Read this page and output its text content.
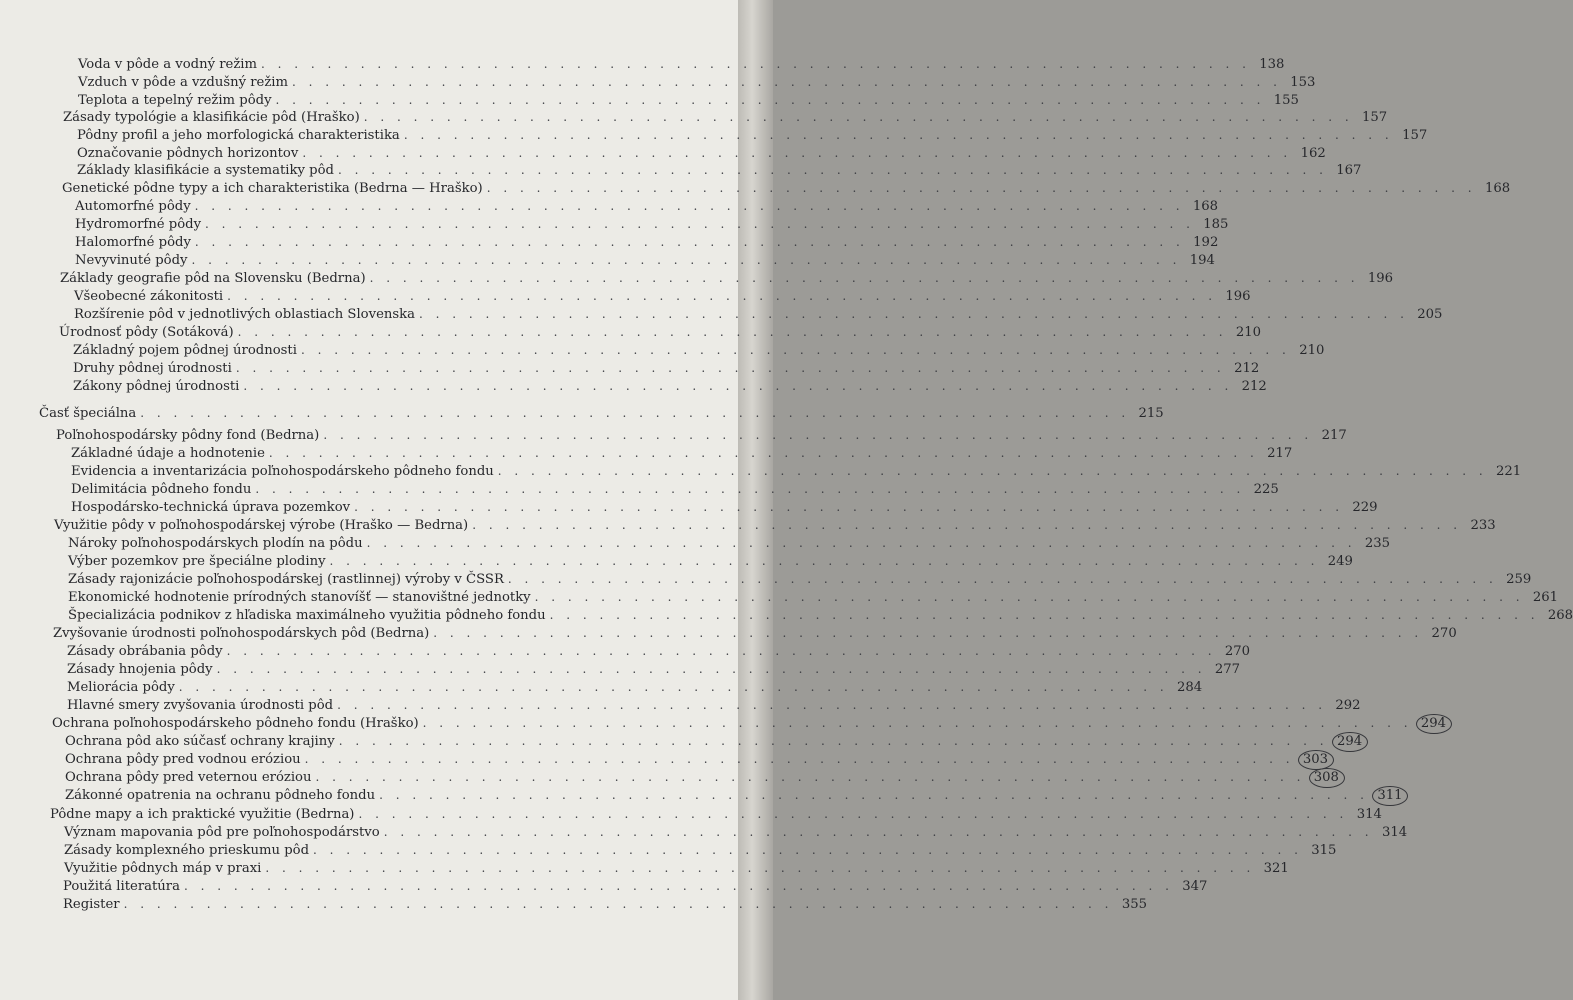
Voda v pôde a vodný režim . . . . . . . . . . . . . . . . . . . . . . . . . . . . . . . . . . . . . . . . . . . . . . . . . . . . . . . . . . . . 138
Vzduch v pôde a vzdušný režim . . . . . . . . . . . . . . . . . . . . . . . . . . . . . . . . . . . . . . . . . . . . . . . . . . . . . . . . . . . . 153
Teplota a tepelný režim pôdy . . . . . . . . . . . . . . . . . . . . . . . . . . . . . . . . . . . . . . . . . . . . . . . . . . . . . . . . . . . . 155
Zásady typológie a klasifikácie pôd (Hraško) . . . . . . . . . . . . . . . . . . . . . . . . . . . . . . . . . . . . . . . . . . . . . . . . . . . . . . . . . . . . 157
Pôdny profil a jeho morfologická charakteristika . . . . . . . . . . . . . . . . . . . . . . . . . . . . . . . . . . . . . . . . . . . . . . . . . . . . . . . . . . . . 157
Označovanie pôdnych horizontov . . . . . . . . . . . . . . . . . . . . . . . . . . . . . . . . . . . . . . . . . . . . . . . . . . . . . . . . . . . . 162
Základy klasifikácie a systematiky pôd . . . . . . . . . . . . . . . . . . . . . . . . . . . . . . . . . . . . . . . . . . . . . . . . . . . . . . . . . . . . 167
Genetické pôdne typy a ich charakteristika (Bedrna — Hraško) . . . . . . . . . . . . . . . . . . . . . . . . . . . . . . . . . . . . . . . . . . . . . . . . . . . . . . . . . . . . 168
Automorfné pôdy . . . . . . . . . . . . . . . . . . . . . . . . . . . . . . . . . . . . . . . . . . . . . . . . . . . . . . . . . . . . 168
Hydromorfné pôdy . . . . . . . . . . . . . . . . . . . . . . . . . . . . . . . . . . . . . . . . . . . . . . . . . . . . . . . . . . . . 185
Halomorfné pôdy . . . . . . . . . . . . . . . . . . . . . . . . . . . . . . . . . . . . . . . . . . . . . . . . . . . . . . . . . . . . 192
Nevyvinuté pôdy . . . . . . . . . . . . . . . . . . . . . . . . . . . . . . . . . . . . . . . . . . . . . . . . . . . . . . . . . . . . 194
Základy geografie pôd na Slovensku (Bedrna) . . . . . . . . . . . . . . . . . . . . . . . . . . . . . . . . . . . . . . . . . . . . . . . . . . . . . . . . . . . . 196
Všeobecné zákonitosti . . . . . . . . . . . . . . . . . . . . . . . . . . . . . . . . . . . . . . . . . . . . . . . . . . . . . . . . . . . . 196
Rozšírenie pôd v jednotlivých oblastiach Slovenska . . . . . . . . . . . . . . . . . . . . . . . . . . . . . . . . . . . . . . . . . . . . . . . . . . . . . . . . . . . . 205
Úrodnosť pôdy (Sotáková) . . . . . . . . . . . . . . . . . . . . . . . . . . . . . . . . . . . . . . . . . . . . . . . . . . . . . . . . . . . . 210
Základný pojem pôdnej úrodnosti . . . . . . . . . . . . . . . . . . . . . . . . . . . . . . . . . . . . . . . . . . . . . . . . . . . . . . . . . . . . 210
Druhy pôdnej úrodnosti . . . . . . . . . . . . . . . . . . . . . . . . . . . . . . . . . . . . . . . . . . . . . . . . . . . . . . . . . . . . 212
Zákony pôdnej úrodnosti . . . . . . . . . . . . . . . . . . . . . . . . . . . . . . . . . . . . . . . . . . . . . . . . . . . . . . . . . . . . 212
Časť špeciálna . . . . . . . . . . . . . . . . . . . . . . . . . . . . . . . . . . . . . . . . . . . . . . . . . . . . . . . . . . . . 215
Poľnohospodársky pôdny fond (Bedrna) . . . . . . . . . . . . . . . . . . . . . . . . . . . . . . . . . . . . . . . . . . . . . . . . . . . . . . . . . . . . 217
Základné údaje a hodnotenie . . . . . . . . . . . . . . . . . . . . . . . . . . . . . . . . . . . . . . . . . . . . . . . . . . . . . . . . . . . . 217
Evidencia a inventarizácia poľnohospodárskeho pôdneho fondu . . . . . . . . . . . . . . . . . . . . . . . . . . . . . . . . . . . . . . . . . . . . . . . . . . . . . . . . . . . . 221
Delimitácia pôdneho fondu . . . . . . . . . . . . . . . . . . . . . . . . . . . . . . . . . . . . . . . . . . . . . . . . . . . . . . . . . . . . 225
Hospodársko-technická úprava pozemkov . . . . . . . . . . . . . . . . . . . . . . . . . . . . . . . . . . . . . . . . . . . . . . . . . . . . . . . . . . . . 229
Využitie pôdy v poľnohospodárskej výrobe (Hraško — Bedrna) . . . . . . . . . . . . . . . . . . . . . . . . . . . . . . . . . . . . . . . . . . . . . . . . . . . . . . . . . . . . 233
Nároky poľnohospodárskych plodín na pôdu . . . . . . . . . . . . . . . . . . . . . . . . . . . . . . . . . . . . . . . . . . . . . . . . . . . . . . . . . . . . 235
Výber pozemkov pre špeciálne plodiny . . . . . . . . . . . . . . . . . . . . . . . . . . . . . . . . . . . . . . . . . . . . . . . . . . . . . . . . . . . . 249
Zásady rajonizácie poľnohospodárskej (rastlinnej) výroby v ČSSR . . . . . . . . . . . . . . . . . . . . . . . . . . . . . . . . . . . . . . . . . . . . . . . . . . . . . . . . . . . . 259
Ekonomické hodnotenie prírodných stanovíšť — stanovištné jednotky . . . . . . . . . . . . . . . . . . . . . . . . . . . . . . . . . . . . . . . . . . . . . . . . . . . . . . . . . . . . 261
Špecializácia podnikov z hľadiska maximálneho využitia pôdneho fondu . . . . . . . . . . . . . . . . . . . . . . . . . . . . . . . . . . . . . . . . . . . . . . . . . . . . . . . . . . . . 268
Zvyšovanie úrodnosti poľnohospodárskych pôd (Bedrna) . . . . . . . . . . . . . . . . . . . . . . . . . . . . . . . . . . . . . . . . . . . . . . . . . . . . . . . . . . . . 270
Zásady obrábania pôdy . . . . . . . . . . . . . . . . . . . . . . . . . . . . . . . . . . . . . . . . . . . . . . . . . . . . . . . . . . . . 270
Zásady hnojenia pôdy . . . . . . . . . . . . . . . . . . . . . . . . . . . . . . . . . . . . . . . . . . . . . . . . . . . . . . . . . . . . 277
Meliorácia pôdy . . . . . . . . . . . . . . . . . . . . . . . . . . . . . . . . . . . . . . . . . . . . . . . . . . . . . . . . . . . . 284
Hlavné smery zvyšovania úrodnosti pôd . . . . . . . . . . . . . . . . . . . . . . . . . . . . . . . . . . . . . . . . . . . . . . . . . . . . . . . . . . . . 292
Ochrana poľnohospodárskeho pôdneho fondu (Hraško) . . . . . . . . . . . . . . . . . . . . . . . . . . . . . . . . . . . . . . . . . . . . . . . . . . . . . . . . . . . . 294
Ochrana pôd ako súčasť ochrany krajiny . . . . . . . . . . . . . . . . . . . . . . . . . . . . . . . . . . . . . . . . . . . . . . . . . . . . . . . . . . . . 294
Ochrana pôdy pred vodnou eróziou . . . . . . . . . . . . . . . . . . . . . . . . . . . . . . . . . . . . . . . . . . . . . . . . . . . . . . . . . . . . 303
Ochrana pôdy pred veternou eróziou . . . . . . . . . . . . . . . . . . . . . . . . . . . . . . . . . . . . . . . . . . . . . . . . . . . . . . . . . . . . 308
Zákonné opatrenia na ochranu pôdneho fondu . . . . . . . . . . . . . . . . . . . . . . . . . . . . . . . . . . . . . . . . . . . . . . . . . . . . . . . . . . . . 311
Pôdne mapy a ich praktické využitie (Bedrna) . . . . . . . . . . . . . . . . . . . . . . . . . . . . . . . . . . . . . . . . . . . . . . . . . . . . . . . . . . . . 314
Význam mapovania pôd pre poľnohospodárstvo . . . . . . . . . . . . . . . . . . . . . . . . . . . . . . . . . . . . . . . . . . . . . . . . . . . . . . . . . . . . 314
Zásady komplexného prieskumu pôd . . . . . . . . . . . . . . . . . . . . . . . . . . . . . . . . . . . . . . . . . . . . . . . . . . . . . . . . . . . . 315
Využitie pôdnych máp v praxi . . . . . . . . . . . . . . . . . . . . . . . . . . . . . . . . . . . . . . . . . . . . . . . . . . . . . . . . . . . . 321
Použitá literatúra . . . . . . . . . . . . . . . . . . . . . . . . . . . . . . . . . . . . . . . . . . . . . . . . . . . . . . . . . . . . 347
Register . . . . . . . . . . . . . . . . . . . . . . . . . . . . . . . . . . . . . . . . . . . . . . . . . . . . . . . . . . . . 355
